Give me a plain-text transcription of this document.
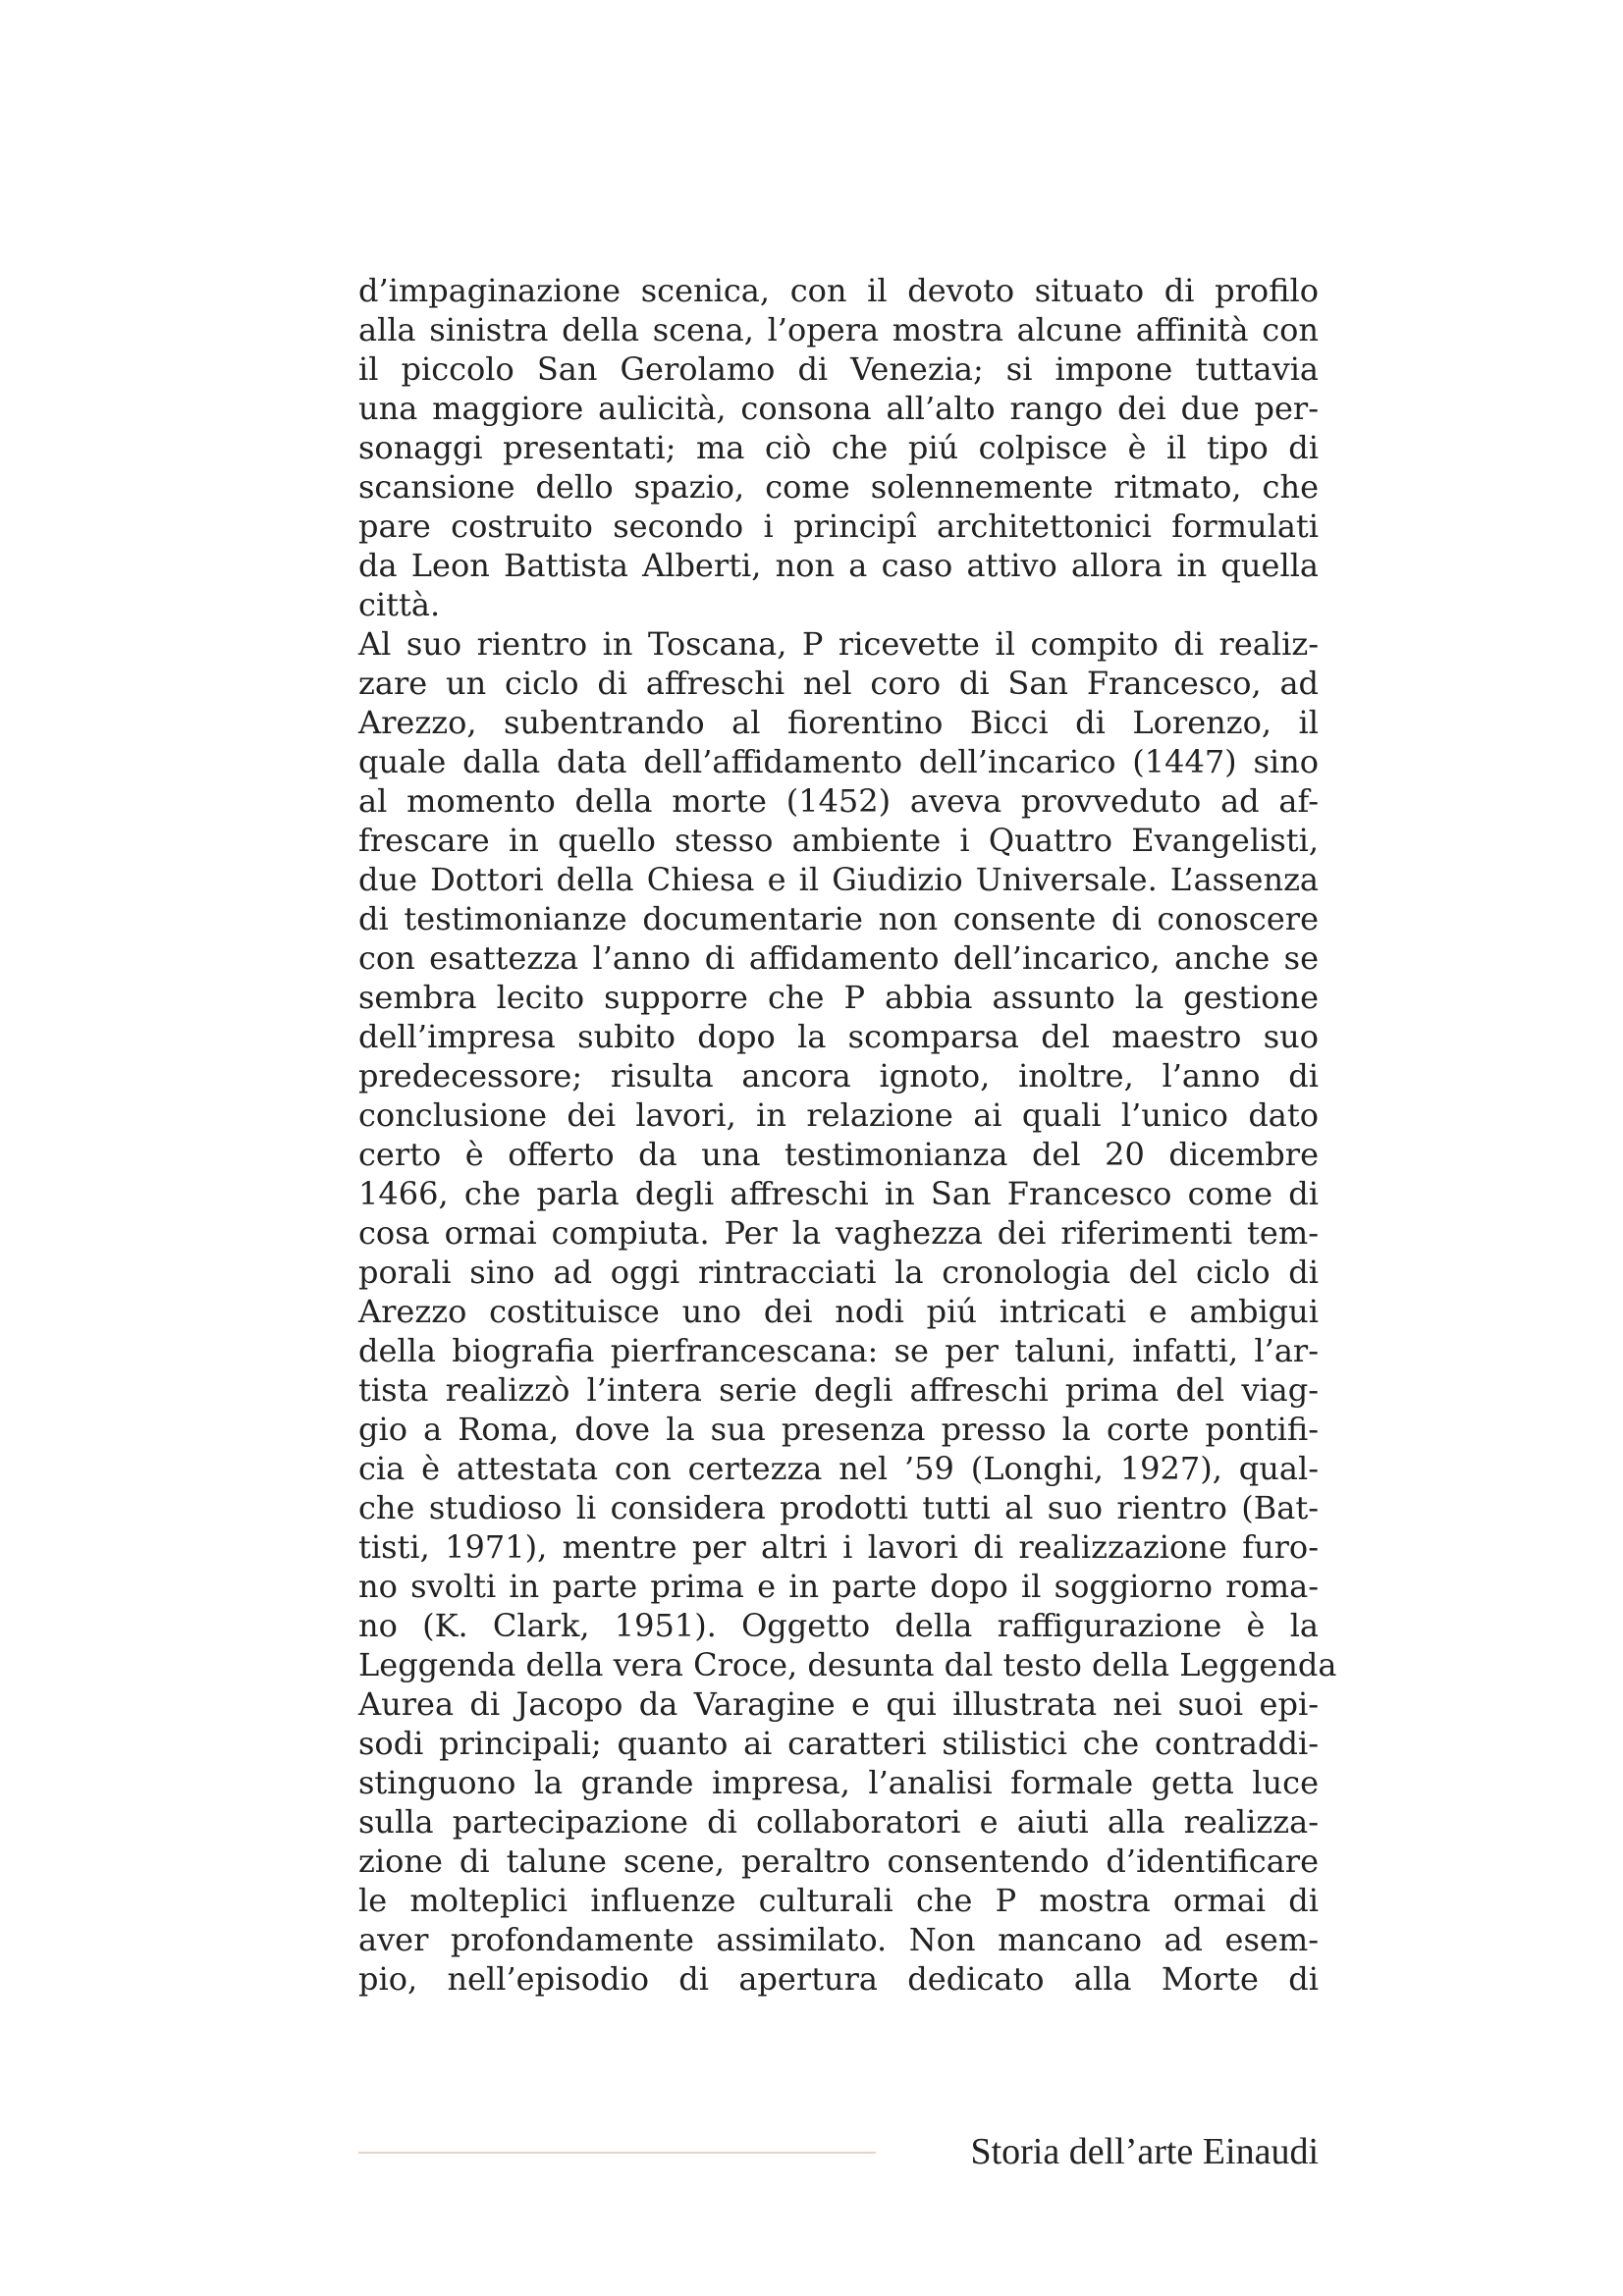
d’impaginazione scenica, con il devoto situato di profilo
alla sinistra della scena, l’opera mostra alcune affinità con
il piccolo San Gerolamo di Venezia; si impone tuttavia
una maggiore aulicità, consona all’alto rango dei due per-
sonaggi presentati; ma ciò che piú colpisce è il tipo di
scansione dello spazio, come solennemente ritmato, che
pare costruito secondo i principî architettonici formulati
da Leon Battista Alberti, non a caso attivo allora in quella
città.
Al suo rientro in Toscana, P ricevette il compito di realiz-
zare un ciclo di affreschi nel coro di San Francesco, ad
Arezzo, subentrando al fiorentino Bicci di Lorenzo, il
quale dalla data dell’affidamento dell’incarico (1447) sino
al momento della morte (1452) aveva provveduto ad af-
frescare in quello stesso ambiente i Quattro Evangelisti,
due Dottori della Chiesa e il Giudizio Universale. L’assenza
di testimonianze documentarie non consente di conoscere
con esattezza l’anno di affidamento dell’incarico, anche se
sembra lecito supporre che P abbia assunto la gestione
dell’impresa subito dopo la scomparsa del maestro suo
predecessore; risulta ancora ignoto, inoltre, l’anno di
conclusione dei lavori, in relazione ai quali l’unico dato
certo è offerto da una testimonianza del 20 dicembre
1466, che parla degli affreschi in San Francesco come di
cosa ormai compiuta. Per la vaghezza dei riferimenti tem-
porali sino ad oggi rintracciati la cronologia del ciclo di
Arezzo costituisce uno dei nodi piú intricati e ambigui
della biografia pierfrancescana: se per taluni, infatti, l’ar-
tista realizzò l’intera serie degli affreschi prima del viag-
gio a Roma, dove la sua presenza presso la corte pontifi-
cia è attestata con certezza nel ’59 (Longhi, 1927), qual-
che studioso li considera prodotti tutti al suo rientro (Bat-
tisti, 1971), mentre per altri i lavori di realizzazione furo-
no svolti in parte prima e in parte dopo il soggiorno roma-
no (K. Clark, 1951). Oggetto della raffigurazione è la
Leggenda della vera Croce, desunta dal testo della Leggenda
Aurea di Jacopo da Varagine e qui illustrata nei suoi epi-
sodi principali; quanto ai caratteri stilistici che contraddi-
stinguono la grande impresa, l’analisi formale getta luce
sulla partecipazione di collaboratori e aiuti alla realizza-
zione di talune scene, peraltro consentendo d’identificare
le molteplici influenze culturali che P mostra ormai di
aver profondamente assimilato. Non mancano ad esem-
pio, nell’episodio di apertura dedicato alla Morte di
Storia dell’arte Einaudi
